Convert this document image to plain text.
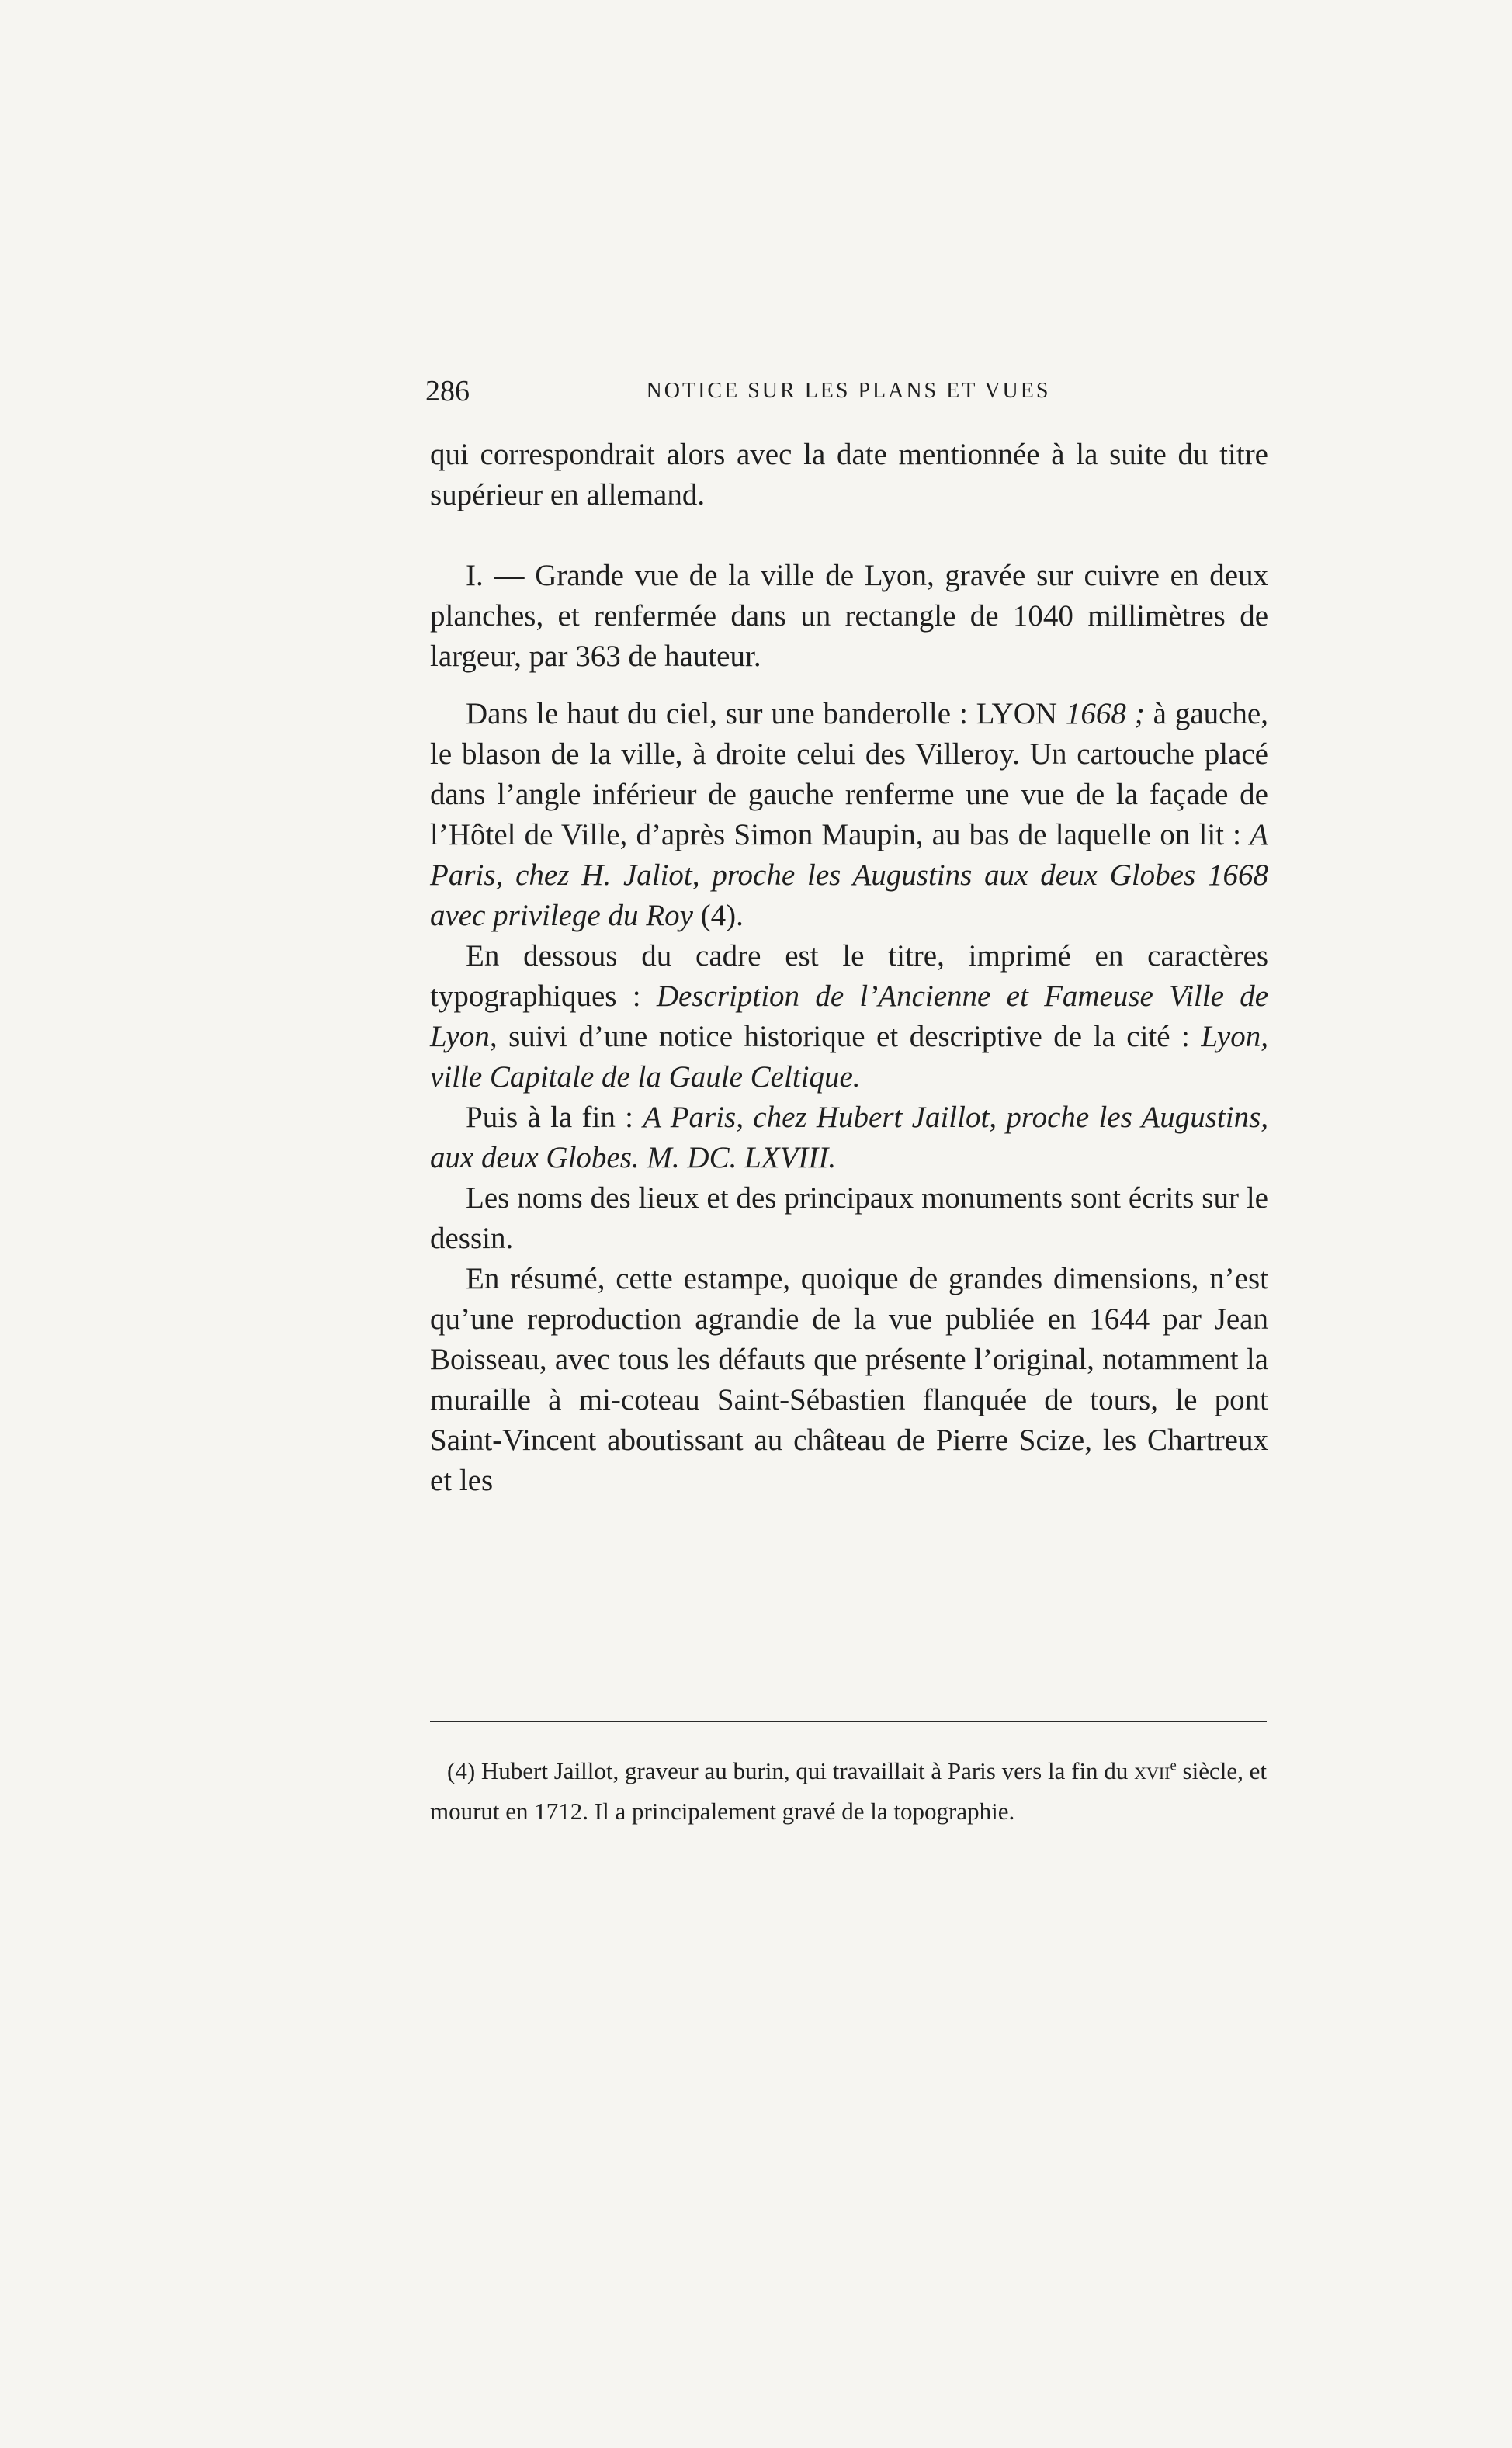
286	NOTICE SUR LES PLANS ET VUES

qui correspondrait alors avec la date mentionnée à la suite du titre supérieur en allemand.

I. — Grande vue de la ville de Lyon, gravée sur cuivre en deux planches, et renfermée dans un rectangle de 1040 millimètres de largeur, par 363 de hauteur.

Dans le haut du ciel, sur une banderolle : LYON 1668 ; à gauche, le blason de la ville, à droite celui des Villeroy. Un cartouche placé dans l’angle inférieur de gauche renferme une vue de la façade de l’Hôtel de Ville, d’après Simon Maupin, au bas de laquelle on lit : A Paris, chez H. Jaliot, proche les Augustins aux deux Globes 1668 avec privilege du Roy (4).

En dessous du cadre est le titre, imprimé en caractères typographiques : Description de l’Ancienne et Fameuse Ville de Lyon, suivi d’une notice historique et descriptive de la cité : Lyon, ville Capitale de la Gaule Celtique.

Puis à la fin : A Paris, chez Hubert Jaillot, proche les Augustins, aux deux Globes. M. DC. LXVIII.

Les noms des lieux et des principaux monuments sont écrits sur le dessin.

En résumé, cette estampe, quoique de grandes dimensions, n’est qu’une reproduction agrandie de la vue publiée en 1644 par Jean Boisseau, avec tous les défauts que présente l’original, notamment la muraille à mi-coteau Saint-Sébastien flanquée de tours, le pont Saint-Vincent aboutissant au château de Pierre Scize, les Chartreux et les

(4) Hubert Jaillot, graveur au burin, qui travaillait à Paris vers la fin du xvii$^e$ siècle, et mourut en 1712. Il a principalement gravé de la topographie.
